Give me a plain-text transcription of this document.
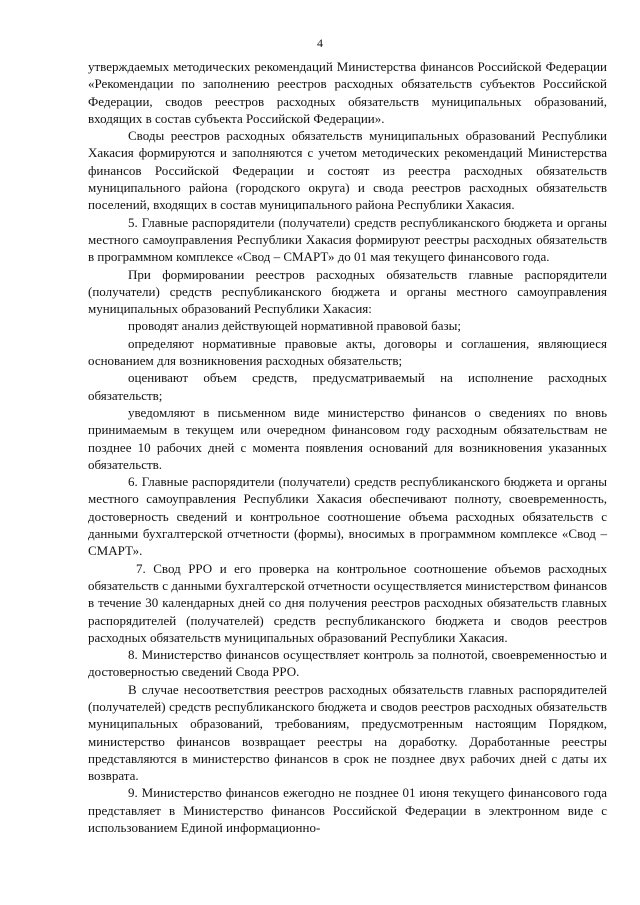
4

утверждаемых методических рекомендаций Министерства финансов Российской Федерации «Рекомендации по заполнению реестров расходных обязательств субъектов Российской Федерации, сводов реестров расходных обязательств муниципальных образований, входящих в состав субъекта Российской Федерации».

Своды реестров расходных обязательств муниципальных образований Республики Хакасия формируются и заполняются с учетом методических рекомендаций Министерства финансов Российской Федерации и состоят из реестра расходных обязательств муниципального района (городского округа) и свода реестров расходных обязательств поселений, входящих в состав муниципального района Республики Хакасия.

5. Главные распорядители (получатели) средств республиканского бюджета и органы местного самоуправления Республики Хакасия формируют реестры расходных обязательств в программном комплексе «Свод – СМАРТ» до 01 мая текущего финансового года.

При формировании реестров расходных обязательств главные распорядители (получатели) средств республиканского бюджета и органы местного самоуправления муниципальных образований Республики Хакасия:

проводят анализ действующей нормативной правовой базы;

определяют нормативные правовые акты, договоры и соглашения, являющиеся основанием для возникновения расходных обязательств;

оценивают объем средств, предусматриваемый на исполнение расходных обязательств;

уведомляют в письменном виде министерство финансов о сведениях по вновь принимаемым в текущем или очередном финансовом году расходным обязательствам не позднее 10 рабочих дней с момента появления оснований для возникновения указанных обязательств.

6. Главные распорядители (получатели) средств республиканского бюджета и органы местного самоуправления Республики Хакасия обеспечивают полноту, своевременность, достоверность сведений и контрольное соотношение объема расходных обязательств с данными бухгалтерской отчетности (формы), вносимых в программном комплексе «Свод – СМАРТ».

7. Свод РРО и его проверка на контрольное соотношение объемов расходных обязательств с данными бухгалтерской отчетности осуществляется министерством финансов в течение 30 календарных дней со дня получения реестров расходных обязательств главных распорядителей (получателей) средств республиканского бюджета и сводов реестров расходных обязательств муниципальных образований Республики Хакасия.

8. Министерство финансов осуществляет контроль за полнотой, своевременностью и достоверностью сведений Свода РРО.

В случае несоответствия реестров расходных обязательств главных распорядителей (получателей) средств республиканского бюджета и сводов реестров расходных обязательств муниципальных образований, требованиям, предусмотренным настоящим Порядком, министерство финансов возвращает реестры на доработку. Доработанные реестры представляются в министерство финансов в срок не позднее двух рабочих дней с даты их возврата.

9. Министерство финансов ежегодно не позднее 01 июня текущего финансового года представляет в Министерство финансов Российской Федерации в электронном виде с использованием Единой информационно-
